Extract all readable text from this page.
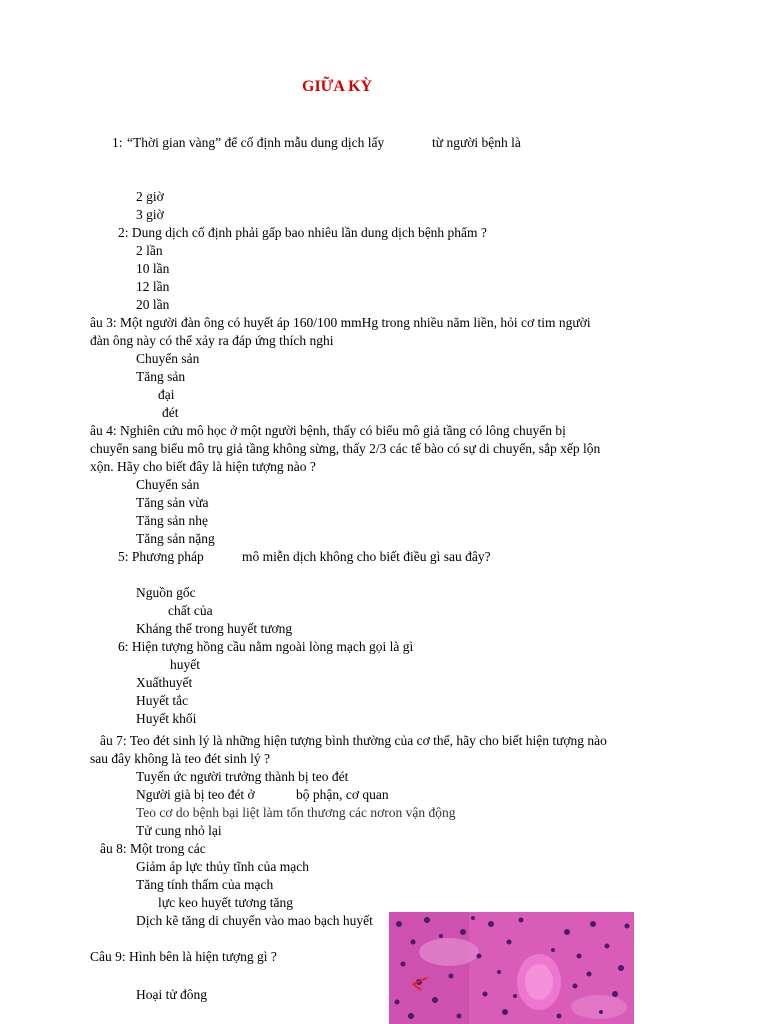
GIỮA KỲ
1: “Thời gian vàng” để cố định mẫu dung dịch lấy	từ người bệnh là
2 giờ
3 giờ
2: Dung dịch cố định phải gấp bao nhiêu lần dung dịch bệnh phẩm ?
2 lần
10 lần
12 lần
20 lần
âu 3: Một người đàn ông có huyết áp 160/100 mmHg trong nhiều năm liền, hỏi cơ tim người
đàn ông này có thể xảy ra đáp ứng thích nghi
Chuyển sản
Tăng sản
đại
đét
âu 4: Nghiên cứu mô học ở một người bệnh, thấy có biểu mô giả tầng có lông chuyển bị
chuyển sang biểu mô trụ giả tầng không sừng, thấy 2/3 các tế bào có sự di chuyển, sắp xếp lộn
xộn. Hãy cho biết đây là hiện tượng nào ?
Chuyển sản
Tăng sản vừa
Tăng sản nhẹ
Tăng sản nặng
5: Phương pháp	mô miễn dịch không cho biết điều gì sau đây?
Nguồn gốc
chất của
Kháng thể trong huyết tương
6: Hiện tượng hồng cầu nằm ngoài lòng mạch gọi là gì
huyết
Xuấthuyết
Huyết tắc
Huyết khối
âu 7: Teo đét sinh lý là những hiện tượng bình thường của cơ thể, hãy cho biết hiện tượng nào
sau đây không là teo đét sinh lý ?
Tuyến ức người trưởng thành bị teo đét
Người già bị teo đét ở	bộ phận, cơ quan
Teo cơ do bệnh bại liệt làm tổn thương các nơron vận động
Tử cung nhỏ lại
âu 8: Một trong các
Giảm áp lực thủy tĩnh của mạch
Tăng tính thấm của mạch
lực keo huyết tương tăng
Dịch kẽ tăng di chuyển vào mao bạch huyết
Câu 9: Hình bên là hiện tượng gì ?
Hoại tử đông
